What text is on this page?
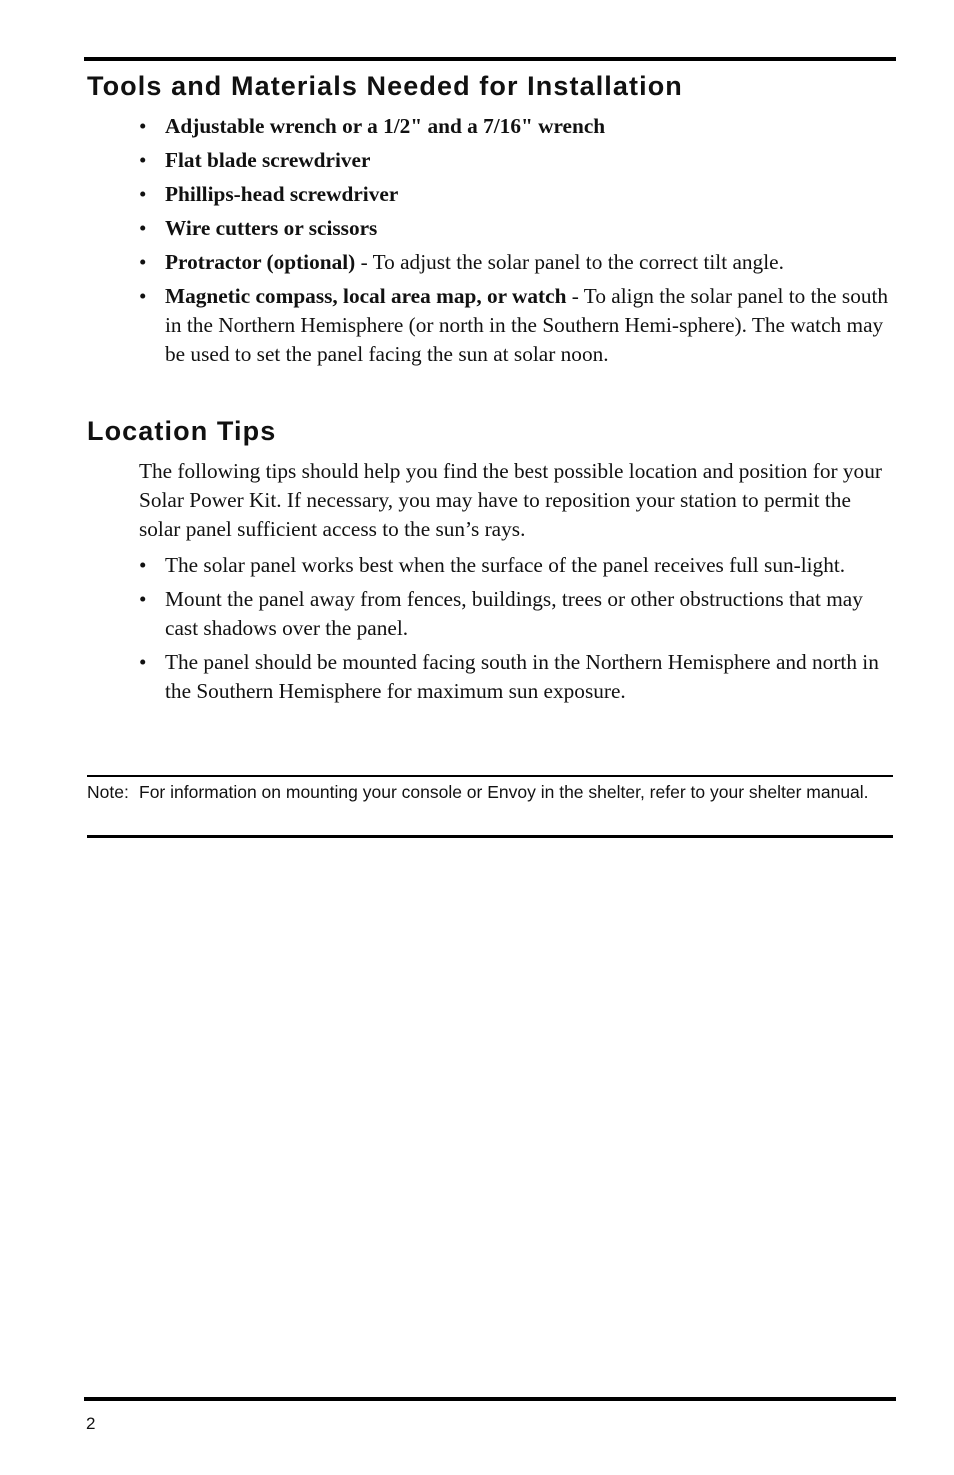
Tools and Materials Needed for Installation
• Adjustable wrench or a 1/2" and a 7/16" wrench
• Flat blade screwdriver
• Phillips-head screwdriver
• Wire cutters or scissors
• Protractor (optional) - To adjust the solar panel to the correct tilt angle.
• Magnetic compass, local area map, or watch - To align the solar panel to the south in the Northern Hemisphere (or north in the Southern Hemi-sphere). The watch may be used to set the panel facing the sun at solar noon.
Location Tips

The following tips should help you find the best possible location and position for your Solar Power Kit. If necessary, you may have to reposition your station to permit the solar panel sufficient access to the sun’s rays.

• The solar panel works best when the surface of the panel receives full sun-light.
• Mount the panel away from fences, buildings, trees or other obstructions that may cast shadows over the panel.
• The panel should be mounted facing south in the Northern Hemisphere and north in the Southern Hemisphere for maximum sun exposure.
Note: For information on mounting your console or Envoy in the shelter, refer to your shelter manual.
2
